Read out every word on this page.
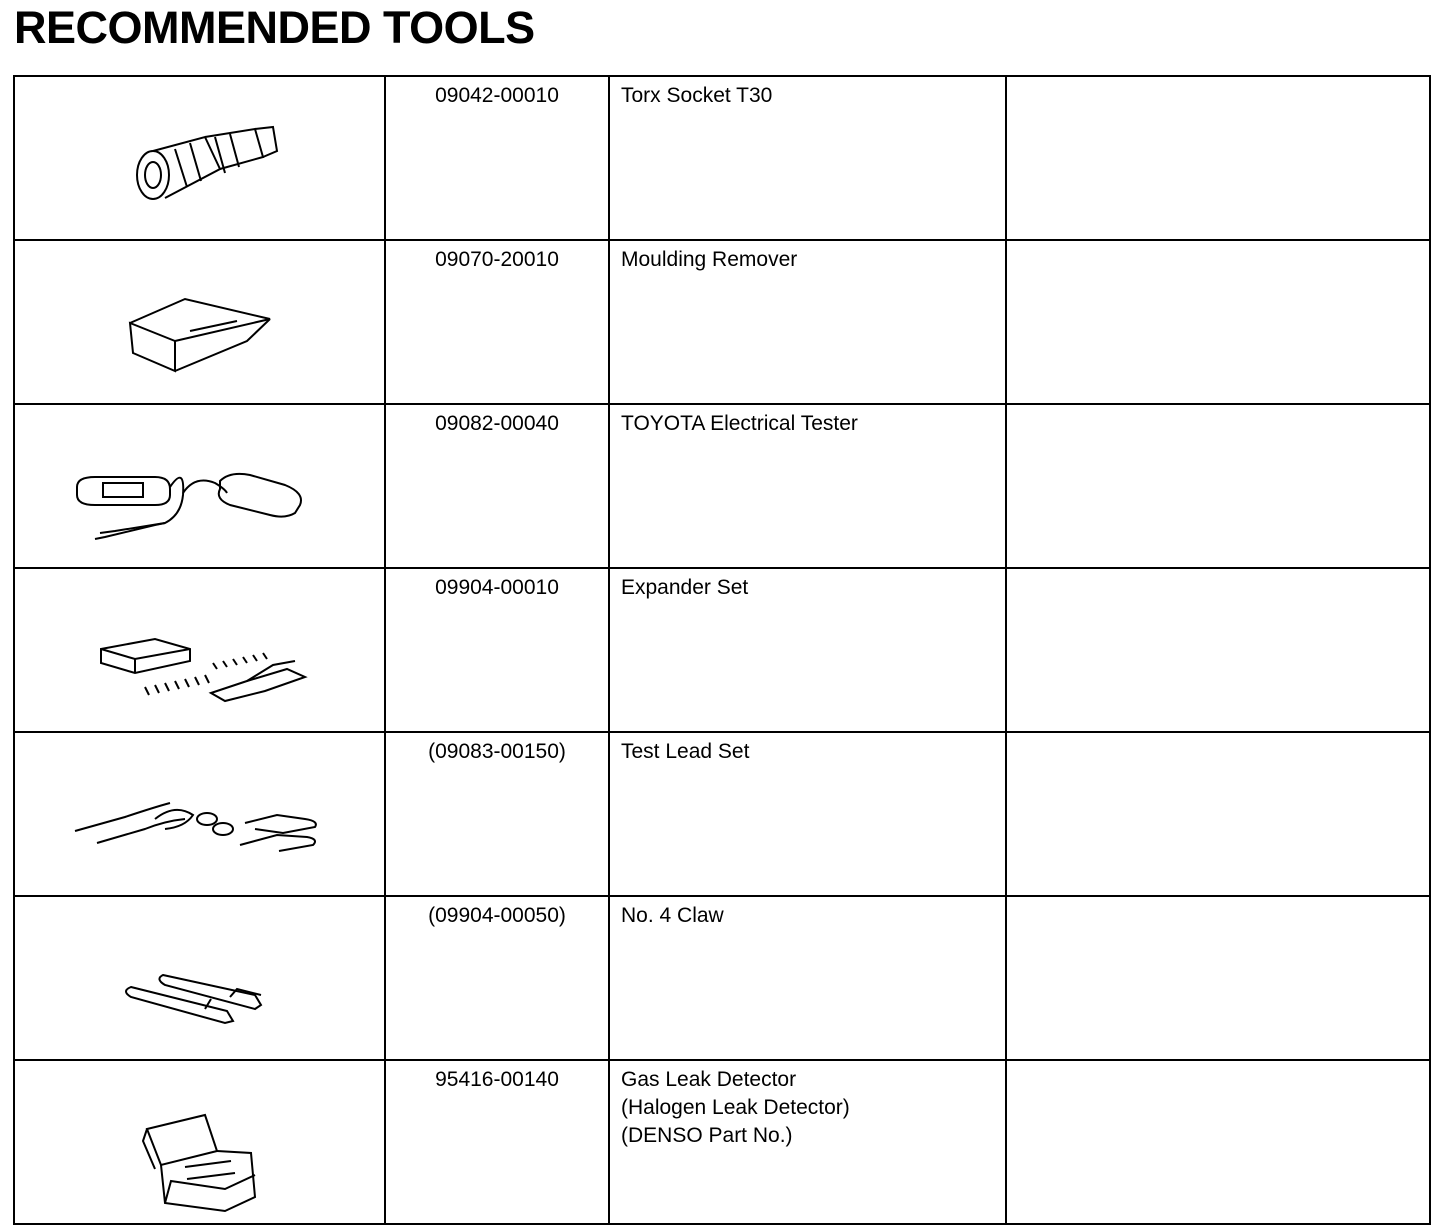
RECOMMENDED TOOLS
	09042-00010	Torx Socket T30	

	09070-20010	Moulding Remover	

	09082-00040	TOYOTA Electrical Tester	

	09904-00010	Expander Set	

	(09083-00150)	Test Lead Set	

	(09904-00050)	No. 4 Claw	

	95416-00140	Gas Leak Detector
(Halogen Leak Detector)
(DENSO Part No.)	
